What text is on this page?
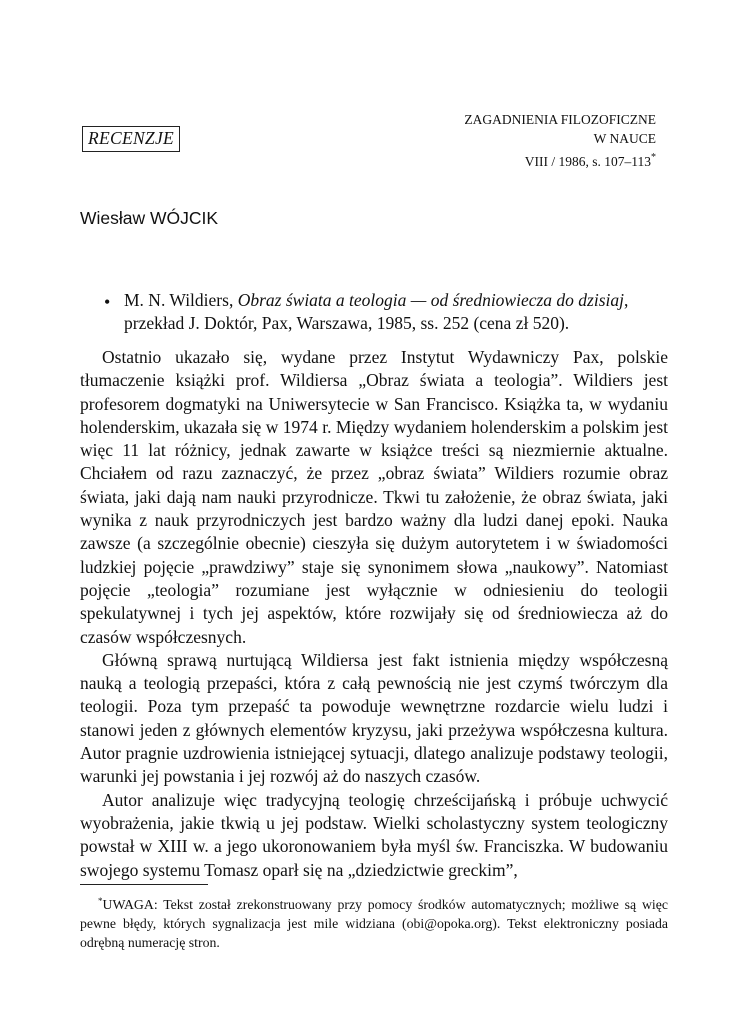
RECENZJE
ZAGADNIENIA FILOZOFICZNE
W NAUCE
VIII / 1986, s. 107–113*
Wiesław WÓJCIK
• M. N. Wildiers, Obraz świata a teologia — od średniowiecza do dzisiaj,
przekład J. Doktór, Pax, Warszawa, 1985, ss. 252 (cena zł 520).

Ostatnio ukazało się, wydane przez Instytut Wydawniczy Pax, polskie tłumaczenie książki prof. Wildiersa „Obraz świata a teologia”. Wildiers jest profesorem dogmatyki na Uniwersytecie w San Francisco. Książka ta, w wydaniu holenderskim, ukazała się w 1974 r. Między wydaniem holenderskim a polskim jest więc 11 lat różnicy, jednak zawarte w książce treści są niezmiernie aktualne. Chciałem od razu zaznaczyć, że przez „obraz świata” Wildiers rozumie obraz świata, jaki dają nam nauki przyrodnicze. Tkwi tu założenie, że obraz świata, jaki wynika z nauk przyrodniczych jest bardzo ważny dla ludzi danej epoki. Nauka zawsze (a szczególnie obecnie) cieszyła się dużym autorytetem i w świadomości ludzkiej pojęcie „prawdziwy” staje się synonimem słowa „naukowy”. Natomiast pojęcie „teologia” rozumiane jest wyłącznie w odniesieniu do teologii spekulatywnej i tych jej aspektów, które rozwijały się od średniowiecza aż do czasów współczesnych.

Główną sprawą nurtującą Wildiersa jest fakt istnienia między współczesną nauką a teologią przepaści, która z całą pewnością nie jest czymś twórczym dla teologii. Poza tym przepaść ta powoduje wewnętrzne rozdarcie wielu ludzi i stanowi jeden z głównych elementów kryzysu, jaki przeżywa współczesna kultura. Autor pragnie uzdrowienia istniejącej sytuacji, dlatego analizuje podstawy teologii, warunki jej powstania i jej rozwój aż do naszych czasów.

Autor analizuje więc tradycyjną teologię chrześcijańską i próbuje uchwycić wyobrażenia, jakie tkwią u jej podstaw. Wielki scholastyczny system teologiczny powstał w XIII w. a jego ukoronowaniem była myśl św. Franciszka. W budowaniu swojego systemu Tomasz oparł się na „dziedzictwie greckim”,

*UWAGA: Tekst został zrekonstruowany przy pomocy środków automatycznych; możliwe są więc pewne błędy, których sygnalizacja jest mile widziana (obi@opoka.org). Tekst elektroniczny posiada odrębną numerację stron.
